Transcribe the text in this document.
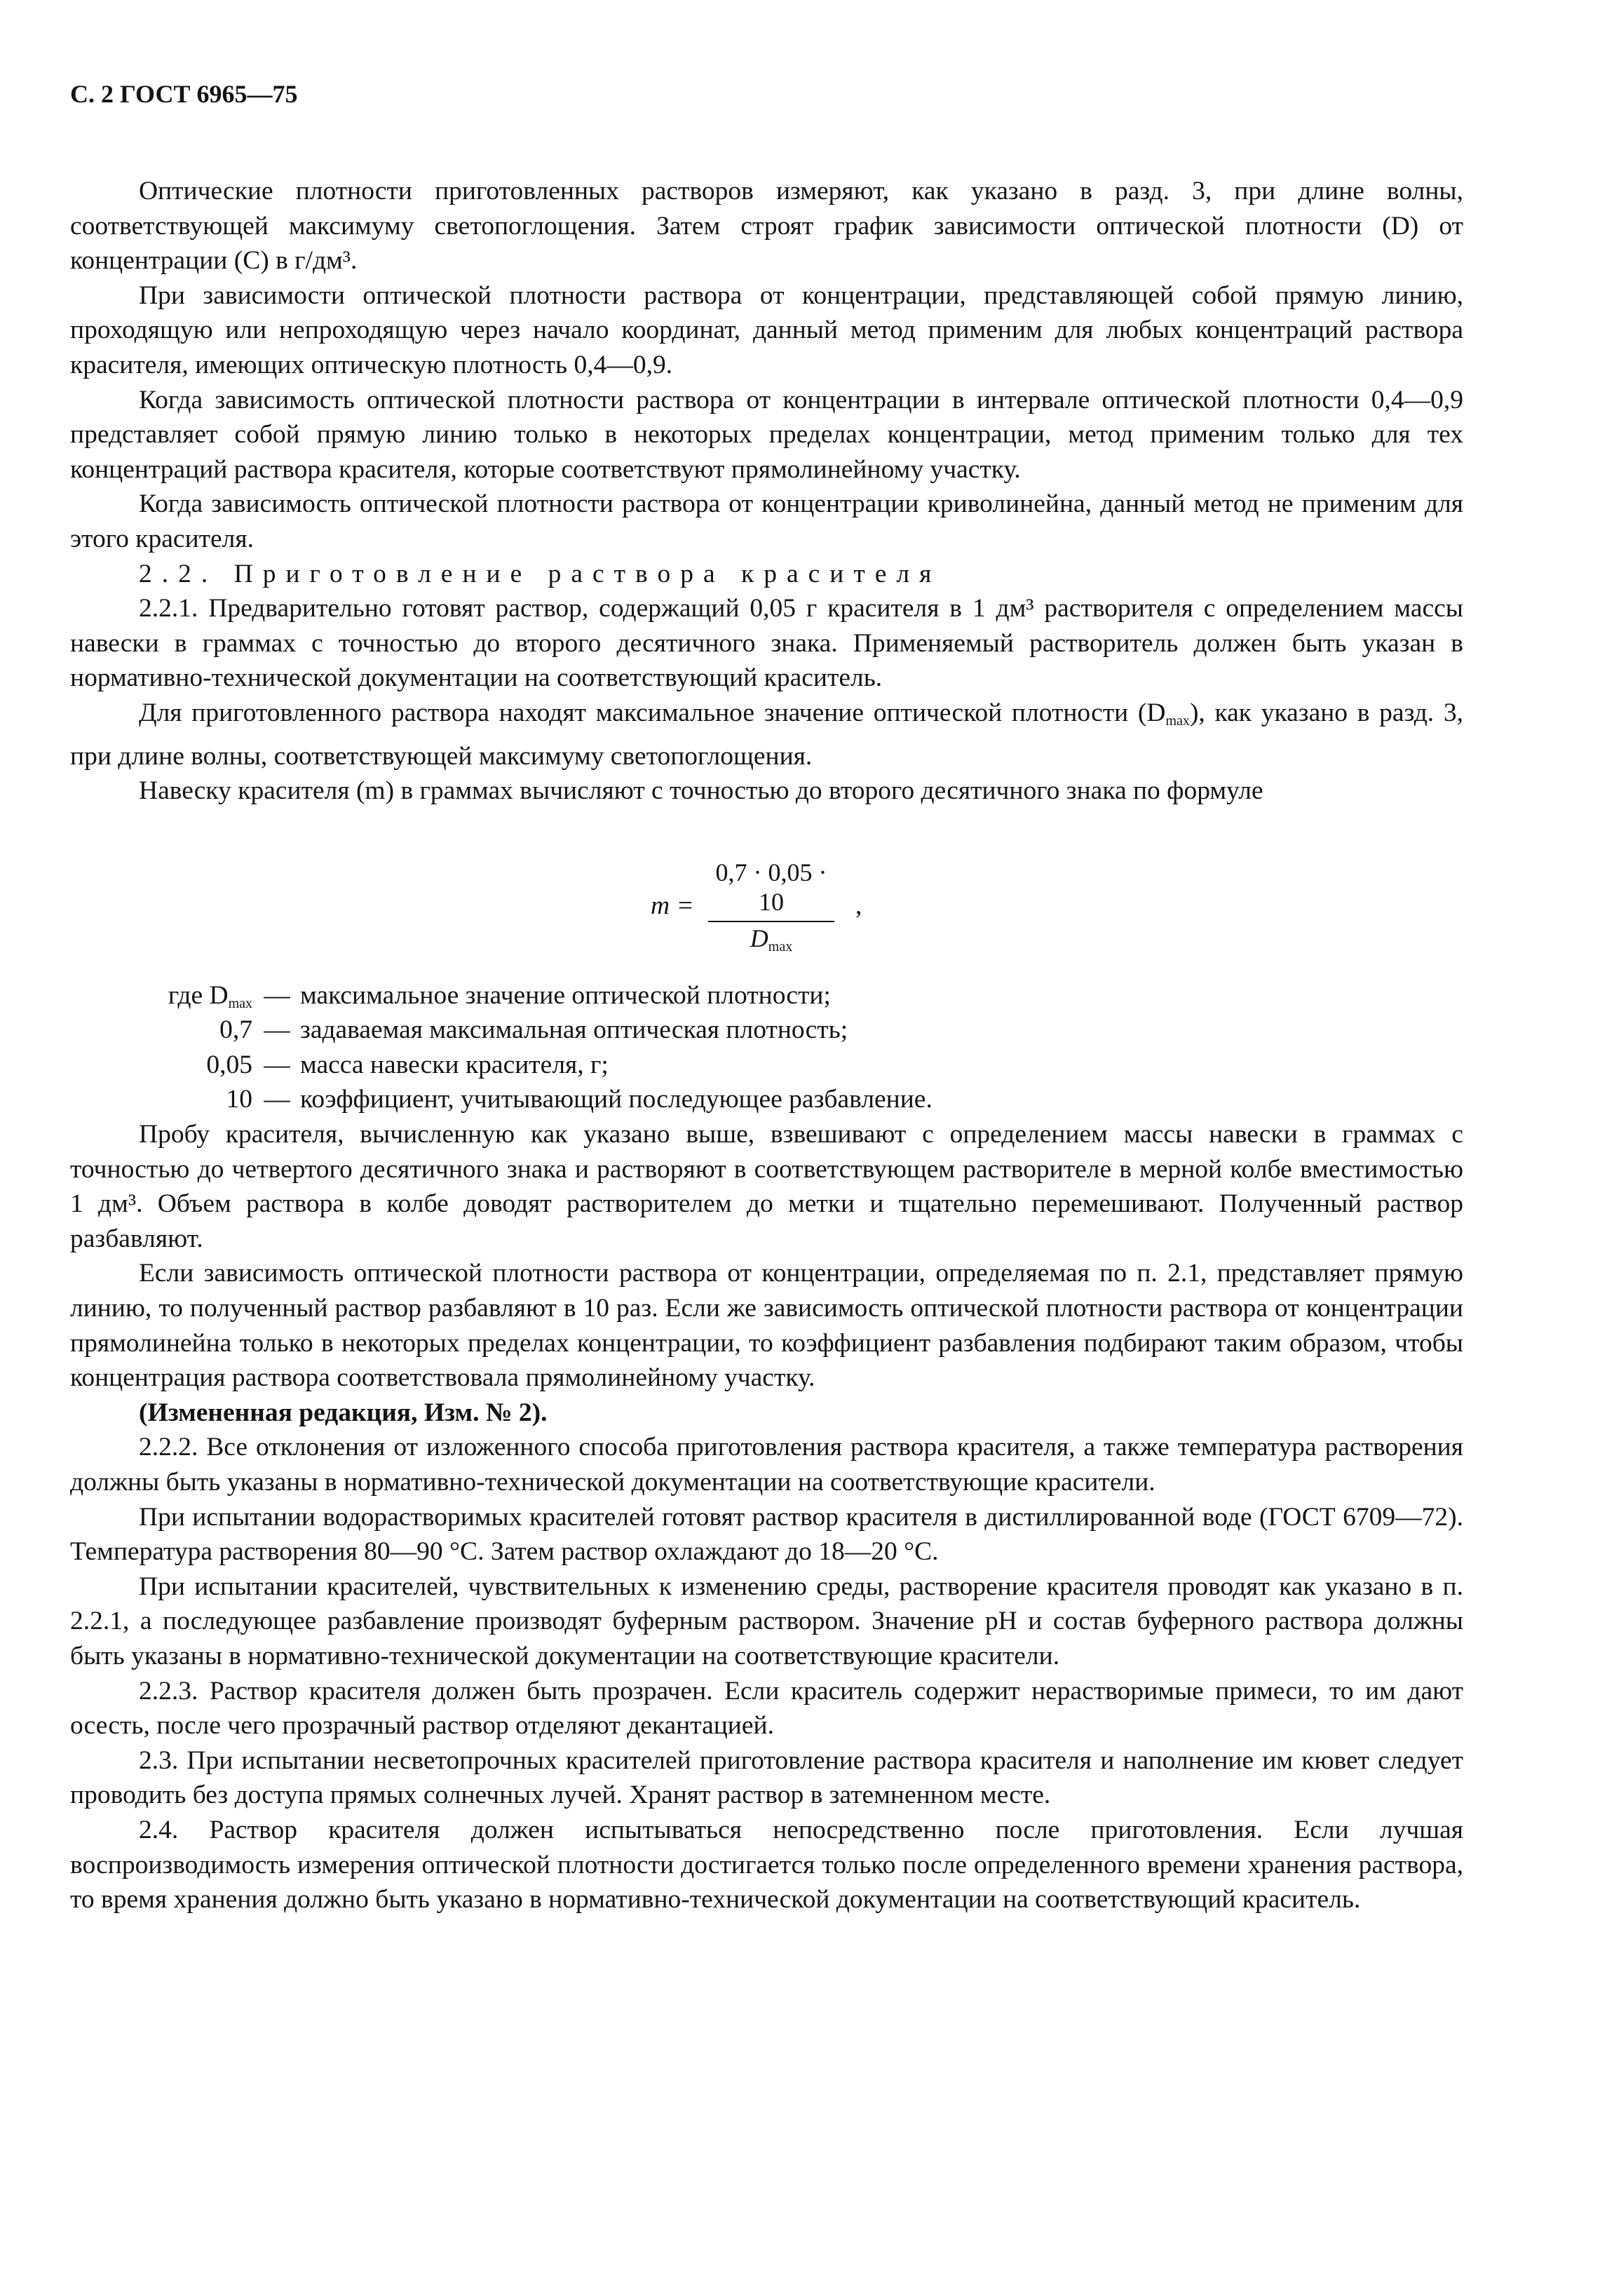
С. 2 ГОСТ 6965—75

Оптические плотности приготовленных растворов измеряют, как указано в разд. 3, при длине волны, соответствующей максимуму светопоглощения. Затем строят график зависимости оптической плотности (D) от концентрации (C) в г/дм³.

При зависимости оптической плотности раствора от концентрации, представляющей собой прямую линию, проходящую или непроходящую через начало координат, данный метод применим для любых концентраций раствора красителя, имеющих оптическую плотность 0,4—0,9.

Когда зависимость оптической плотности раствора от концентрации в интервале оптической плотности 0,4—0,9 представляет собой прямую линию только в некоторых пределах концентрации, метод применим только для тех концентраций раствора красителя, которые соответствуют прямолинейному участку.

Когда зависимость оптической плотности раствора от концентрации криволинейна, данный метод не применим для этого красителя.

2.2. Приготовление раствора красителя

2.2.1. Предварительно готовят раствор, содержащий 0,05 г красителя в 1 дм³ растворителя с определением массы навески в граммах с точностью до второго десятичного знака. Применяемый растворитель должен быть указан в нормативно-технической документации на соответствующий краситель.

Для приготовленного раствора находят максимальное значение оптической плотности $(D_{max})$, как указано в разд. 3, при длине волны, соответствующей максимуму светопоглощения.

Навеску красителя (m) в граммах вычисляют с точностью до второго десятичного знака по формуле

m =
0,7 · 0,05 · 10
$D_{max}$
,
где $D_{max}$ — максимальное значение оптической плотности;
0,7 — задаваемая максимальная оптическая плотность;
0,05 — масса навески красителя, г;
10 — коэффициент, учитывающий последующее разбавление.

Пробу красителя, вычисленную как указано выше, взвешивают с определением массы навески в граммах с точностью до четвертого десятичного знака и растворяют в соответствующем растворителе в мерной колбе вместимостью 1 дм³. Объем раствора в колбе доводят растворителем до метки и тщательно перемешивают. Полученный раствор разбавляют.

Если зависимость оптической плотности раствора от концентрации, определяемая по п. 2.1, представляет прямую линию, то полученный раствор разбавляют в 10 раз. Если же зависимость оптической плотности раствора от концентрации прямолинейна только в некоторых пределах концентрации, то коэффициент разбавления подбирают таким образом, чтобы концентрация раствора соответствовала прямолинейному участку.

(Измененная редакция, Изм. № 2).

2.2.2. Все отклонения от изложенного способа приготовления раствора красителя, а также температура растворения должны быть указаны в нормативно-технической документации на соответствующие красители.

При испытании водорастворимых красителей готовят раствор красителя в дистиллированной воде (ГОСТ 6709—72). Температура растворения 80—90 °С. Затем раствор охлаждают до 18—20 °С.

При испытании красителей, чувствительных к изменению среды, растворение красителя проводят как указано в п. 2.2.1, а последующее разбавление производят буферным раствором. Значение pH и состав буферного раствора должны быть указаны в нормативно-технической документации на соответствующие красители.

2.2.3. Раствор красителя должен быть прозрачен. Если краситель содержит нерастворимые примеси, то им дают осесть, после чего прозрачный раствор отделяют декантацией.

2.3. При испытании несветопрочных красителей приготовление раствора красителя и наполнение им кювет следует проводить без доступа прямых солнечных лучей. Хранят раствор в затемненном месте.

2.4. Раствор красителя должен испытываться непосредственно после приготовления. Если лучшая воспроизводимость измерения оптической плотности достигается только после определенного времени хранения раствора, то время хранения должно быть указано в нормативно-технической документации на соответствующий краситель.
